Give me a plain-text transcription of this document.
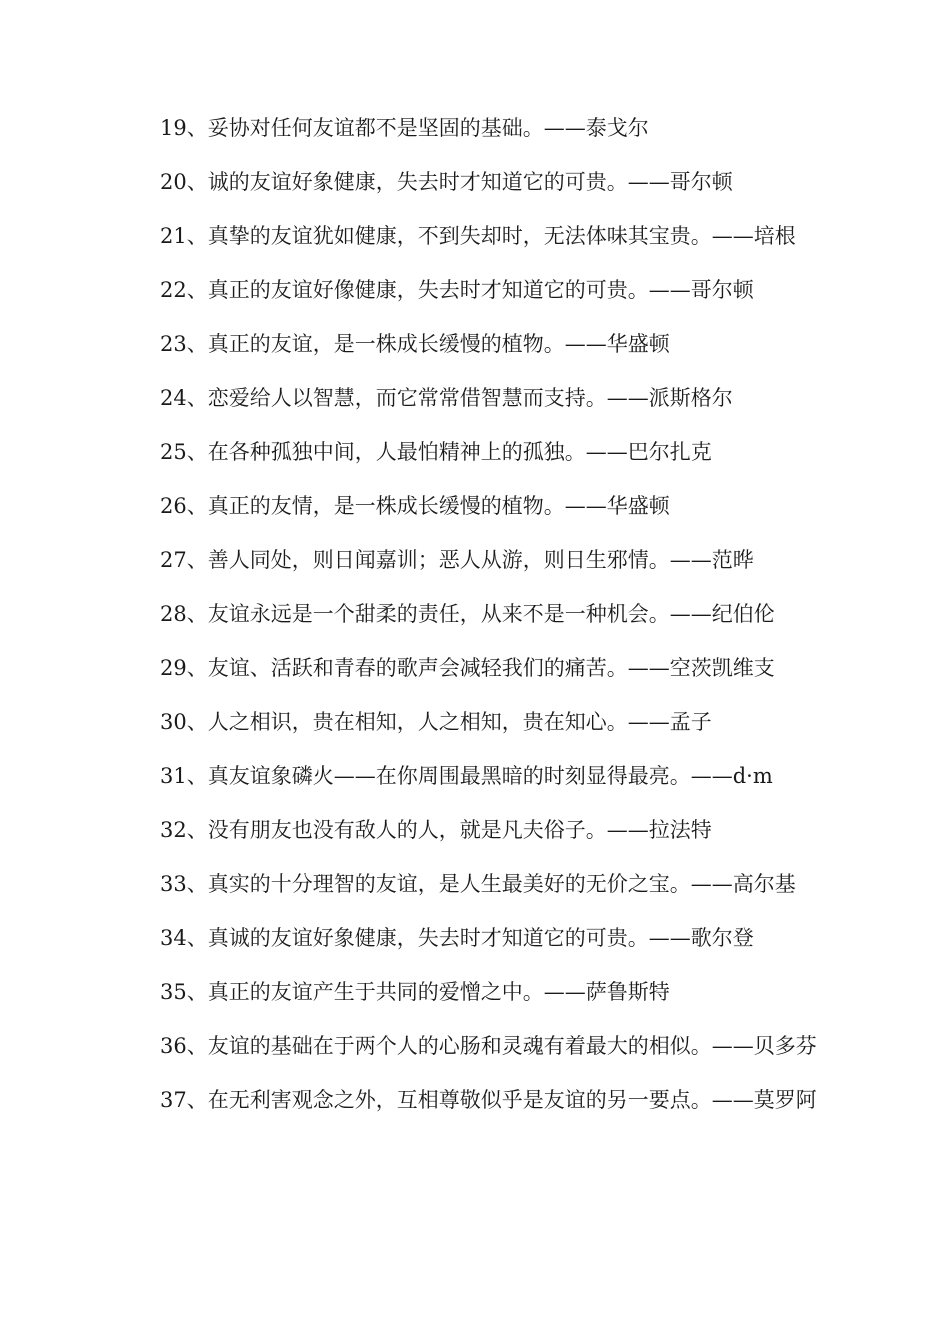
19、妥协对任何友谊都不是坚固的基础。——泰戈尔

20、诚的友谊好象健康，失去时才知道它的可贵。——哥尔顿

21、真挚的友谊犹如健康，不到失却时，无法体味其宝贵。——培根

22、真正的友谊好像健康，失去时才知道它的可贵。——哥尔顿

23、真正的友谊，是一株成长缓慢的植物。——华盛顿

24、恋爱给人以智慧，而它常常借智慧而支持。——派斯格尔

25、在各种孤独中间，人最怕精神上的孤独。——巴尔扎克

26、真正的友情，是一株成长缓慢的植物。——华盛顿

27、善人同处，则日闻嘉训；恶人从游，则日生邪情。——范晔

28、友谊永远是一个甜柔的责任，从来不是一种机会。——纪伯伦

29、友谊、活跃和青春的歌声会减轻我们的痛苦。——空茨凯维支

30、人之相识，贵在相知，人之相知，贵在知心。——孟子

31、真友谊象磷火——在你周围最黑暗的时刻显得最亮。——d·m

32、没有朋友也没有敌人的人，就是凡夫俗子。——拉法特

33、真实的十分理智的友谊，是人生最美好的无价之宝。——高尔基

34、真诚的友谊好象健康，失去时才知道它的可贵。——歌尔登

35、真正的友谊产生于共同的爱憎之中。——萨鲁斯特

36、友谊的基础在于两个人的心肠和灵魂有着最大的相似。——贝多芬

37、在无利害观念之外，互相尊敬似乎是友谊的另一要点。——莫罗阿
